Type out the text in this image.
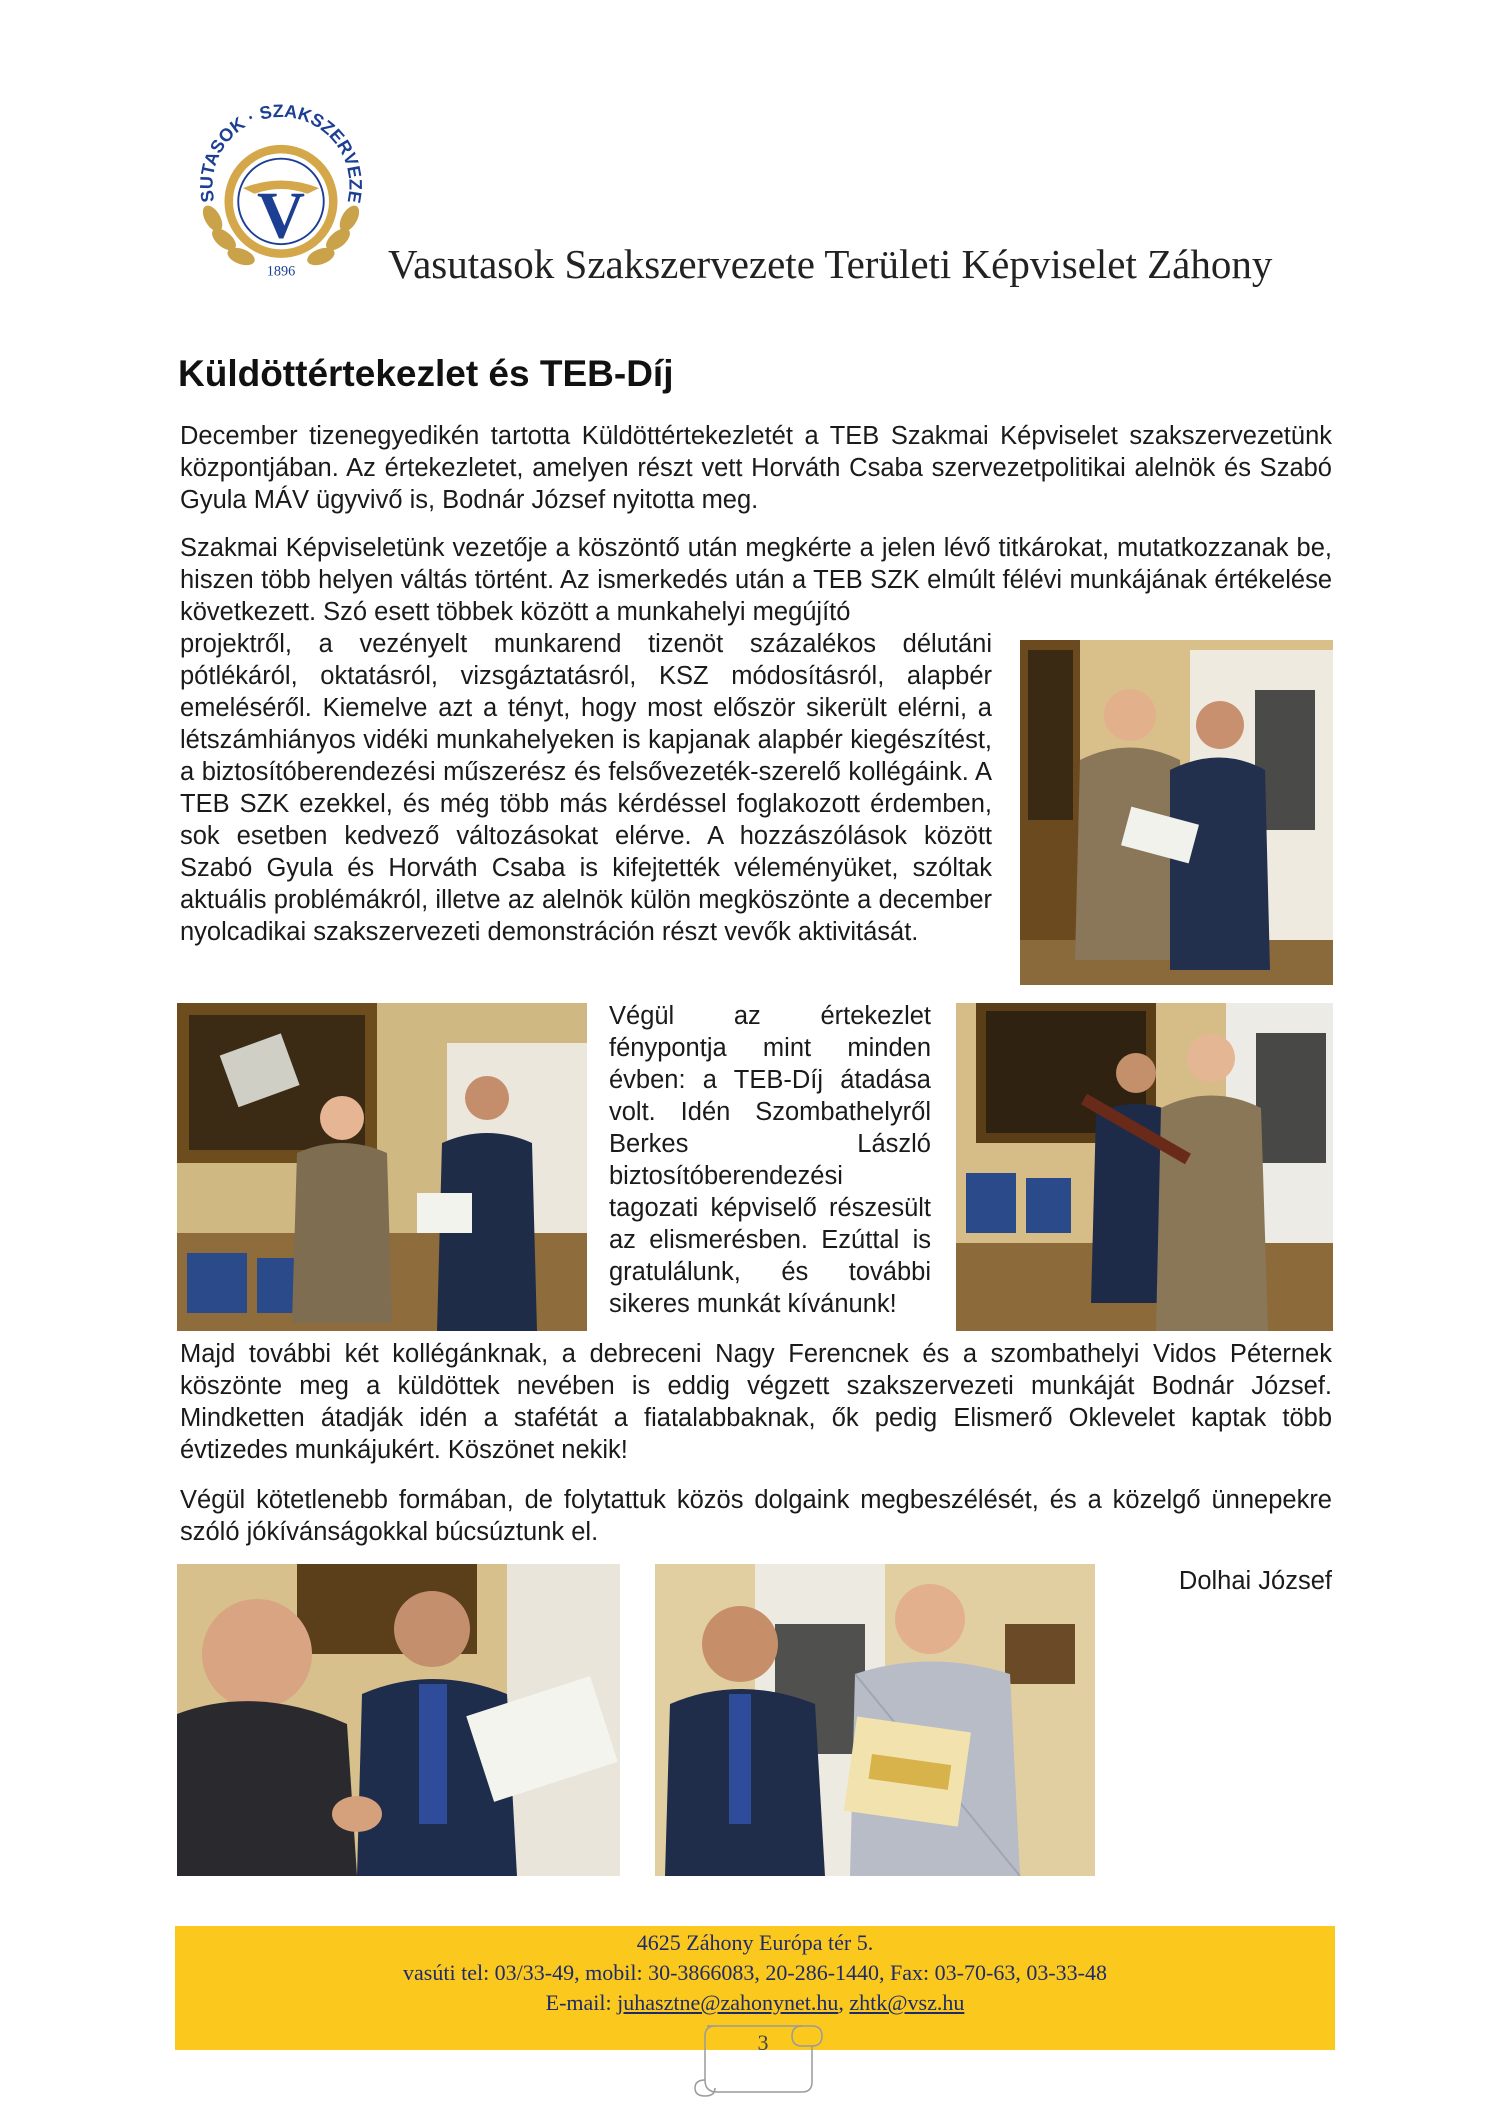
SUTASOK · SZAKSZERVEZE
V
1896 Vasutasok Szakszervezete Területi Képviselet Záhony
Küldöttértekezlet és TEB-Díj

December tizenegyedikén tartotta Küldöttértekezletét a TEB Szakmai Képviselet szakszervezetünk központjában. Az értekezletet, amelyen részt vett Horváth Csaba szervezetpolitikai alelnök és Szabó Gyula MÁV ügyvivő is, Bodnár József nyitotta meg.

Szakmai Képviseletünk vezetője a köszöntő után megkérte a jelen lévő titkárokat, mutatkozzanak be, hiszen több helyen váltás történt. Az ismerkedés után a TEB SZK elmúlt félévi munkájának értékelése következett. Szó esett többek között a munkahelyi megújító

projektről, a vezényelt munkarend tizenöt százalékos délutáni pótlékáról, oktatásról, vizsgáztatásról, KSZ módosításról, alapbér emeléséről. Kiemelve azt a tényt, hogy most először sikerült elérni, a létszámhiányos vidéki munkahelyeken is kapjanak alapbér kiegészítést, a biztosítóberendezési műszerész és felsővezeték-szerelő kollégáink. A TEB SZK ezekkel, és még több más kérdéssel foglakozott érdemben, sok esetben kedvező változásokat elérve. A hozzászólások között Szabó Gyula és Horváth Csaba is kifejtették véleményüket, szóltak aktuális problémákról, illetve az alelnök külön megköszönte a december nyolcadikai szakszervezeti demonstráción részt vevők aktivitását.

Végül az értekezlet fénypontja mint minden évben: a TEB-Díj átadása volt. Idén Szombathelyről Berkes László biztosítóberendezési tagozati képviselő részesült az elismerésben. Ezúttal is gratulálunk, és további sikeres munkát kívánunk!

Majd további két kollégánknak, a debreceni Nagy Ferencnek és a szombathelyi Vidos Péternek köszönte meg a küldöttek nevében is eddig végzett szakszervezeti munkáját Bodnár József. Mindketten átadják idén a stafétát a fiatalabbaknak, ők pedig Elismerő Oklevelet kaptak több évtizedes munkájukért. Köszönet nekik!

Végül kötetlenebb formában, de folytattuk közös dolgaink megbeszélését, és a közelgő ünnepekre szóló jókívánságokkal búcsúztunk el.

Dolhai József
4625 Záhony Európa tér 5.
vasúti tel: 03/33-49, mobil: 30-3866083, 20-286-1440, Fax: 03-70-63, 03-33-48
E-mail: juhasztne@zahonynet.hu, zhtk@vsz.hu
3
